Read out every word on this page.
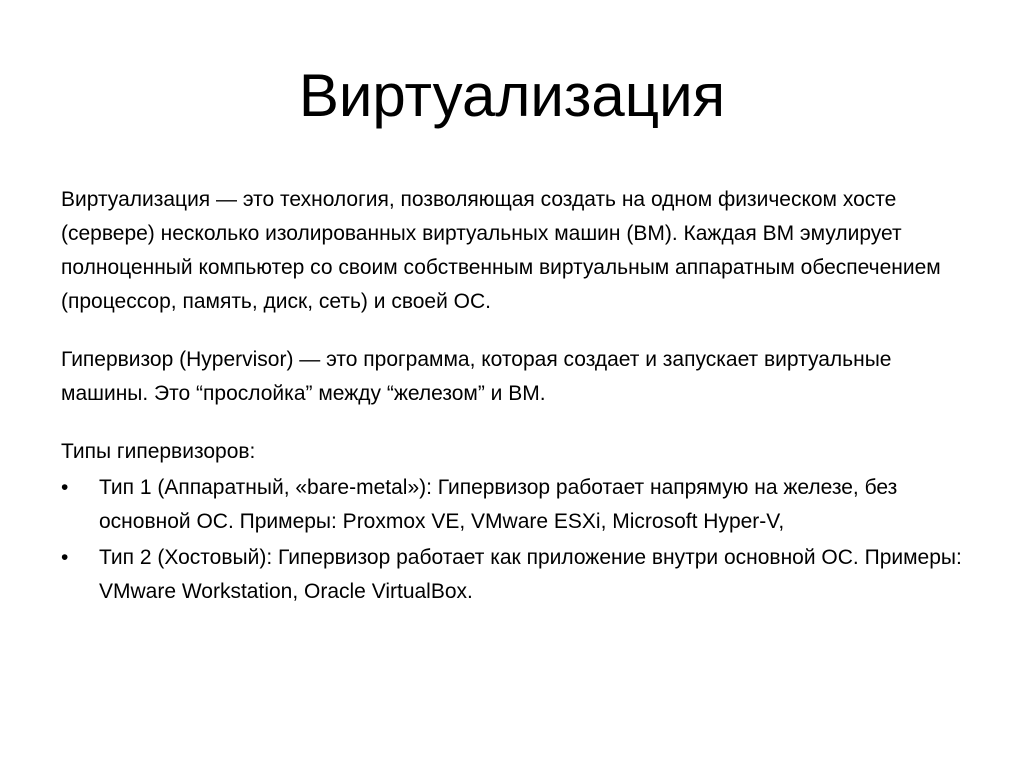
Виртуализация

Виртуализация — это технология, позволяющая создать на одном физическом хосте (сервере) несколько изолированных виртуальных машин (ВМ). Каждая ВМ эмулирует полноценный компьютер со своим собственным виртуальным аппаратным обеспечением (процессор, память, диск, сеть) и своей ОС.

Гипервизор (Hypervisor) — это программа, которая создает и запускает виртуальные машины. Это “прослойка” между “железом” и ВМ.

Типы гипервизоров:

• Тип 1 (Аппаратный, «bare-metal»): Гипервизор работает напрямую на железе, без основной ОС. Примеры: Proxmox VE, VMware ESXi, Microsoft Hyper-V,
• Тип 2 (Хостовый): Гипервизор работает как приложение внутри основной ОС. Примеры: VMware Workstation, Oracle VirtualBox.
